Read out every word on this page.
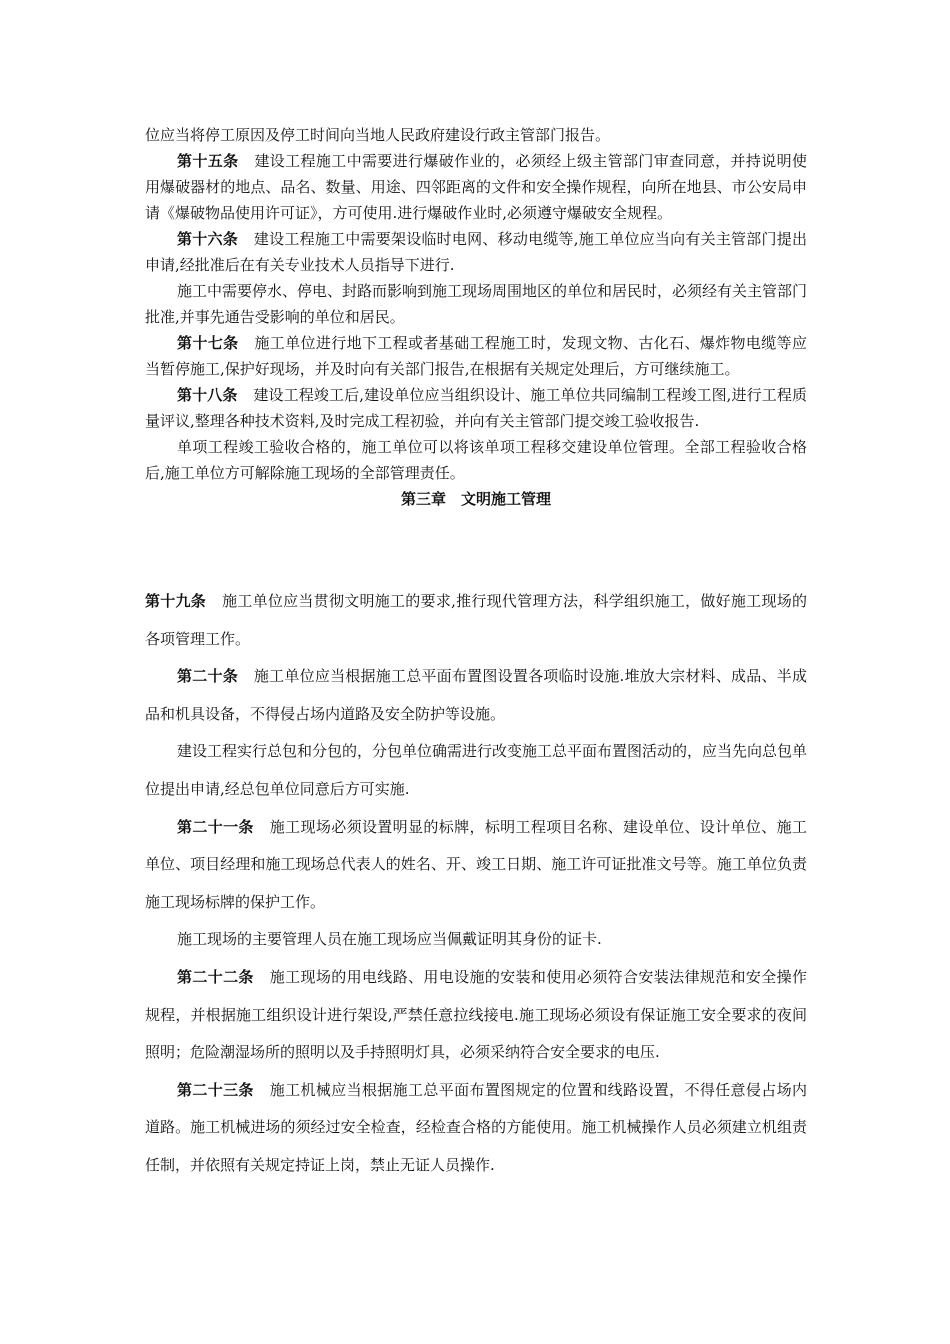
位应当将停工原因及停工时间向当地人民政府建设行政主管部门报告。

第十五条 建设工程施工中需要进行爆破作业的，必须经上级主管部门审查同意，并持说明使用爆破器材的地点、品名、数量、用途、四邻距离的文件和安全操作规程，向所在地县、市公安局申请《爆破物品使用许可证》，方可使用.进行爆破作业时,必须遵守爆破安全规程。

第十六条 建设工程施工中需要架设临时电网、移动电缆等,施工单位应当向有关主管部门提出申请,经批准后在有关专业技术人员指导下进行.

施工中需要停水、停电、封路而影响到施工现场周围地区的单位和居民时，必须经有关主管部门批准,并事先通告受影响的单位和居民。

第十七条 施工单位进行地下工程或者基础工程施工时，发现文物、古化石、爆炸物电缆等应当暂停施工,保护好现场，并及时向有关部门报告,在根据有关规定处理后，方可继续施工。

第十八条 建设工程竣工后,建设单位应当组织设计、施工单位共同编制工程竣工图,进行工程质量评议,整理各种技术资料,及时完成工程初验，并向有关主管部门提交竣工验收报告.

单项工程竣工验收合格的，施工单位可以将该单项工程移交建设单位管理。全部工程验收合格后,施工单位方可解除施工现场的全部管理责任。

第三章　文明施工管理

第十九条 施工单位应当贯彻文明施工的要求,推行现代管理方法，科学组织施工，做好施工现场的各项管理工作。

第二十条 施工单位应当根据施工总平面布置图设置各项临时设施.堆放大宗材料、成品、半成品和机具设备，不得侵占场内道路及安全防护等设施。

建设工程实行总包和分包的，分包单位确需进行改变施工总平面布置图活动的，应当先向总包单位提出申请,经总包单位同意后方可实施.

第二十一条 施工现场必须设置明显的标牌，标明工程项目名称、建设单位、设计单位、施工单位、项目经理和施工现场总代表人的姓名、开、竣工日期、施工许可证批准文号等。施工单位负责施工现场标牌的保护工作。

施工现场的主要管理人员在施工现场应当佩戴证明其身份的证卡.

第二十二条 施工现场的用电线路、用电设施的安装和使用必须符合安装法律规范和安全操作规程，并根据施工组织设计进行架设,严禁任意拉线接电.施工现场必须设有保证施工安全要求的夜间照明；危险潮湿场所的照明以及手持照明灯具，必须采纳符合安全要求的电压.

第二十三条 施工机械应当根据施工总平面布置图规定的位置和线路设置，不得任意侵占场内道路。施工机械进场的须经过安全检查，经检查合格的方能使用。施工机械操作人员必须建立机组责任制，并依照有关规定持证上岗，禁止无证人员操作.
